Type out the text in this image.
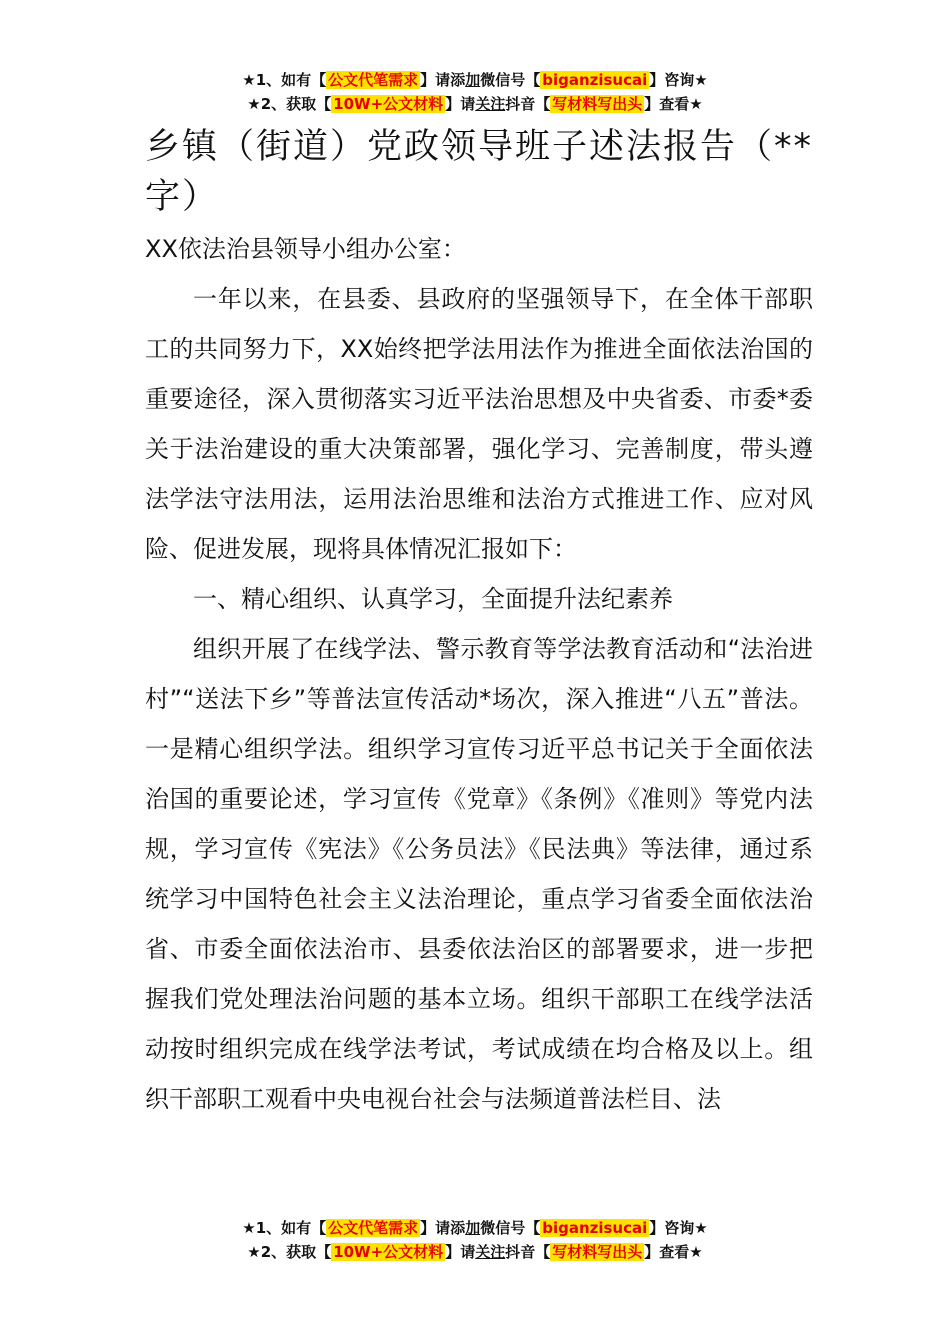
★1、如有【 公文代笔需求 】请添加微信号【 biganzisucai 】咨询★
★2、获取【 10W+公文材料 】请关注抖音【 写材料写出头 】查看★
乡镇（街道）党政领导班子述法报告（**字）
XX依法治县领导小组办公室：

一年以来，在县委、县政府的坚强领导下，在全体干部职工的共同努力下，XX始终把学法用法作为推进全面依法治国的重要途径，深入贯彻落实习近平法治思想及中央省委、市委*委关于法治建设的重大决策部署，强化学习、完善制度，带头遵法学法守法用法，运用法治思维和法治方式推进工作、应对风险、促进发展，现将具体情况汇报如下：

一、精心组织、认真学习，全面提升法纪素养

组织开展了在线学法、警示教育等学法教育活动和“法治进村”“送法下乡”等普法宣传活动*场次，深入推进“八五”普法。一是精心组织学法。组织学习宣传习近平总书记关于全面依法治国的重要论述，学习宣传《党章》《条例》《准则》等党内法规，学习宣传《宪法》《公务员法》《民法典》等法律，通过系统学习中国特色社会主义法治理论，重点学习省委全面依法治省、市委全面依法治市、县委依法治区的部署要求，进一步把握我们党处理法治问题的基本立场。组织干部职工在线学法活动按时组织完成在线学法考试，考试成绩在均合格及以上。组织干部职工观看中央电视台社会与法频道普法栏目、法

★1、如有【 公文代笔需求 】请添加微信号【 biganzisucai 】咨询★
★2、获取【 10W+公文材料 】请关注抖音【 写材料写出头 】查看★
